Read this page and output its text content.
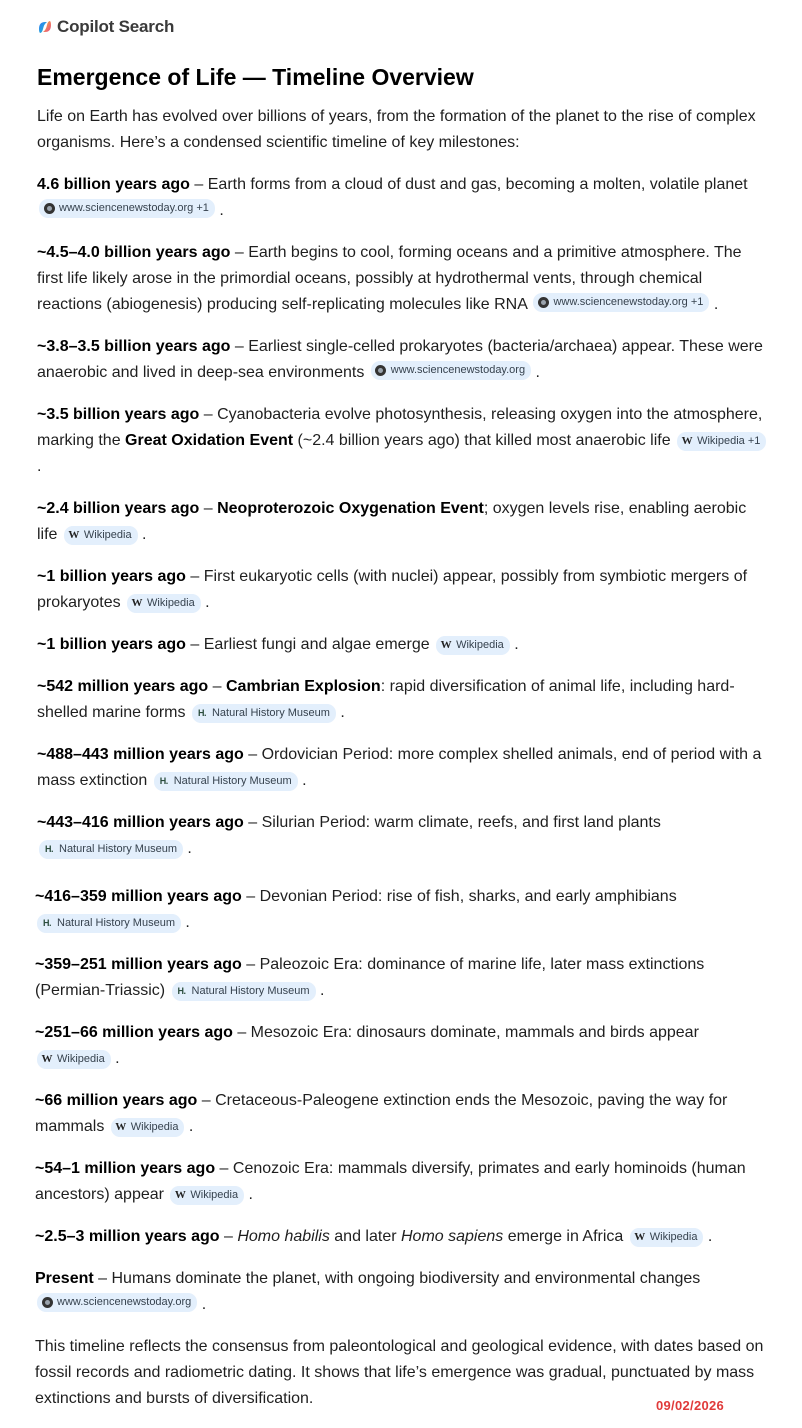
Copilot Search
Emergence of Life — Timeline Overview

Life on Earth has evolved over billions of years, from the formation of the planet to the rise of complex organisms. Here’s a condensed scientific timeline of key milestones:

4.6 billion years ago – Earth forms from a cloud of dust and gas, becoming a molten, volatile planet
www.sciencenewstoday.org +1 .

~4.5–4.0 billion years ago – Earth begins to cool, forming oceans and a primitive atmosphere. The first life likely arose in the primordial oceans, possibly at hydrothermal vents, through chemical reactions (abiogenesis) producing self-replicating molecules like RNA www.sciencenewstoday.org +1 .

~3.8–3.5 billion years ago – Earliest single-celled prokaryotes (bacteria/archaea) appear. These were anaerobic and lived in deep-sea environments www.sciencenewstoday.org .

~3.5 billion years ago – Cyanobacteria evolve photosynthesis, releasing oxygen into the atmosphere, marking the Great Oxidation Event (~2.4 billion years ago) that killed most anaerobic life W Wikipedia +1
.

~2.4 billion years ago – Neoproterozoic Oxygenation Event; oxygen levels rise, enabling aerobic life W Wikipedia .

~1 billion years ago – First eukaryotic cells (with nuclei) appear, possibly from symbiotic mergers of prokaryotes W Wikipedia .

~1 billion years ago – Earliest fungi and algae emerge W Wikipedia .

~542 million years ago – Cambrian Explosion: rapid diversification of animal life, including hard-shelled marine forms H. Natural History Museum .

~488–443 million years ago – Ordovician Period: more complex shelled animals, end of period with a mass extinction H. Natural History Museum .

~443–416 million years ago – Silurian Period: warm climate, reefs, and first land plants
H. Natural History Museum .

~416–359 million years ago – Devonian Period: rise of fish, sharks, and early amphibians
H. Natural History Museum .

~359–251 million years ago – Paleozoic Era: dominance of marine life, later mass extinctions (Permian-Triassic) H. Natural History Museum .

~251–66 million years ago – Mesozoic Era: dinosaurs dominate, mammals and birds appear
W Wikipedia .

~66 million years ago – Cretaceous-Paleogene extinction ends the Mesozoic, paving the way for mammals W Wikipedia .

~54–1 million years ago – Cenozoic Era: mammals diversify, primates and early hominoids (human ancestors) appear W Wikipedia .

~2.5–3 million years ago – Homo habilis and later Homo sapiens emerge in Africa W Wikipedia .

Present – Humans dominate the planet, with ongoing biodiversity and environmental changes
www.sciencenewstoday.org .

This timeline reflects the consensus from paleontological and geological evidence, with dates based on fossil records and radiometric dating. It shows that life’s emergence was gradual, punctuated by mass extinctions and bursts of diversification.	09/02/2026
